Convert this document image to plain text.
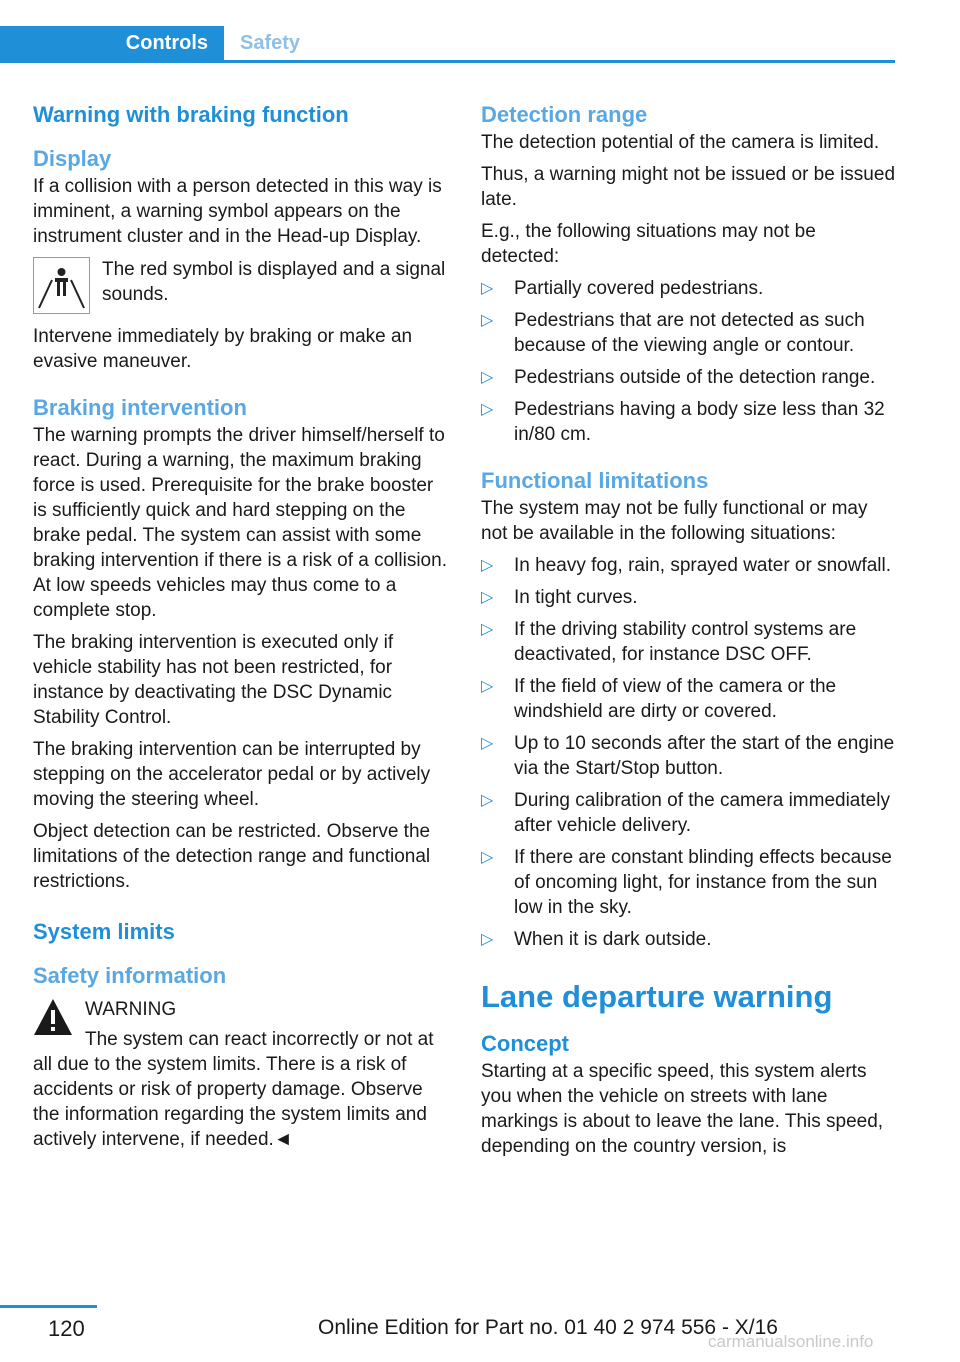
Controls	Safety
Warning with braking function
Display

If a collision with a person detected in this way is imminent, a warning symbol appears on the instrument cluster and in the Head-up Display.

The red symbol is displayed and a signal sounds.

Intervene immediately by braking or make an evasive maneuver.

Braking intervention

The warning prompts the driver himself/herself to react. During a warning, the maximum braking force is used. Prerequisite for the brake booster is sufficiently quick and hard stepping on the brake pedal. The system can assist with some braking intervention if there is a risk of a collision. At low speeds vehicles may thus come to a complete stop.

The braking intervention is executed only if vehicle stability has not been restricted, for instance by deactivating the DSC Dynamic Stability Control.

The braking intervention can be interrupted by stepping on the accelerator pedal or by actively moving the steering wheel.

Object detection can be restricted. Observe the limitations of the detection range and functional restrictions.

System limits
Safety information
WARNING

The system can react incorrectly or not at all due to the system limits. There is a risk of accidents or risk of property damage. Observe the information regarding the system limits and actively intervene, if needed.◄

Detection range

The detection potential of the camera is limited.

Thus, a warning might not be issued or be issued late.

E.g., the following situations may not be detected:

▷ Partially covered pedestrians.
▷ Pedestrians that are not detected as such because of the viewing angle or contour.
▷ Pedestrians outside of the detection range.
▷ Pedestrians having a body size less than 32 in/80 cm.
Functional limitations

The system may not be fully functional or may not be available in the following situations:

▷ In heavy fog, rain, sprayed water or snowfall.
▷ In tight curves.
▷ If the driving stability control systems are deactivated, for instance DSC OFF.
▷ If the field of view of the camera or the windshield are dirty or covered.
▷ Up to 10 seconds after the start of the engine via the Start/Stop button.
▷ During calibration of the camera immediately after vehicle delivery.
▷ If there are constant blinding effects because of oncoming light, for instance from the sun low in the sky.
▷ When it is dark outside.
Lane departure warning
Concept

Starting at a specific speed, this system alerts you when the vehicle on streets with lane markings is about to leave the lane. This speed, depending on the country version, is

120	Online Edition for Part no. 01 40 2 974 556 - X/16
carmanualsonline.info
